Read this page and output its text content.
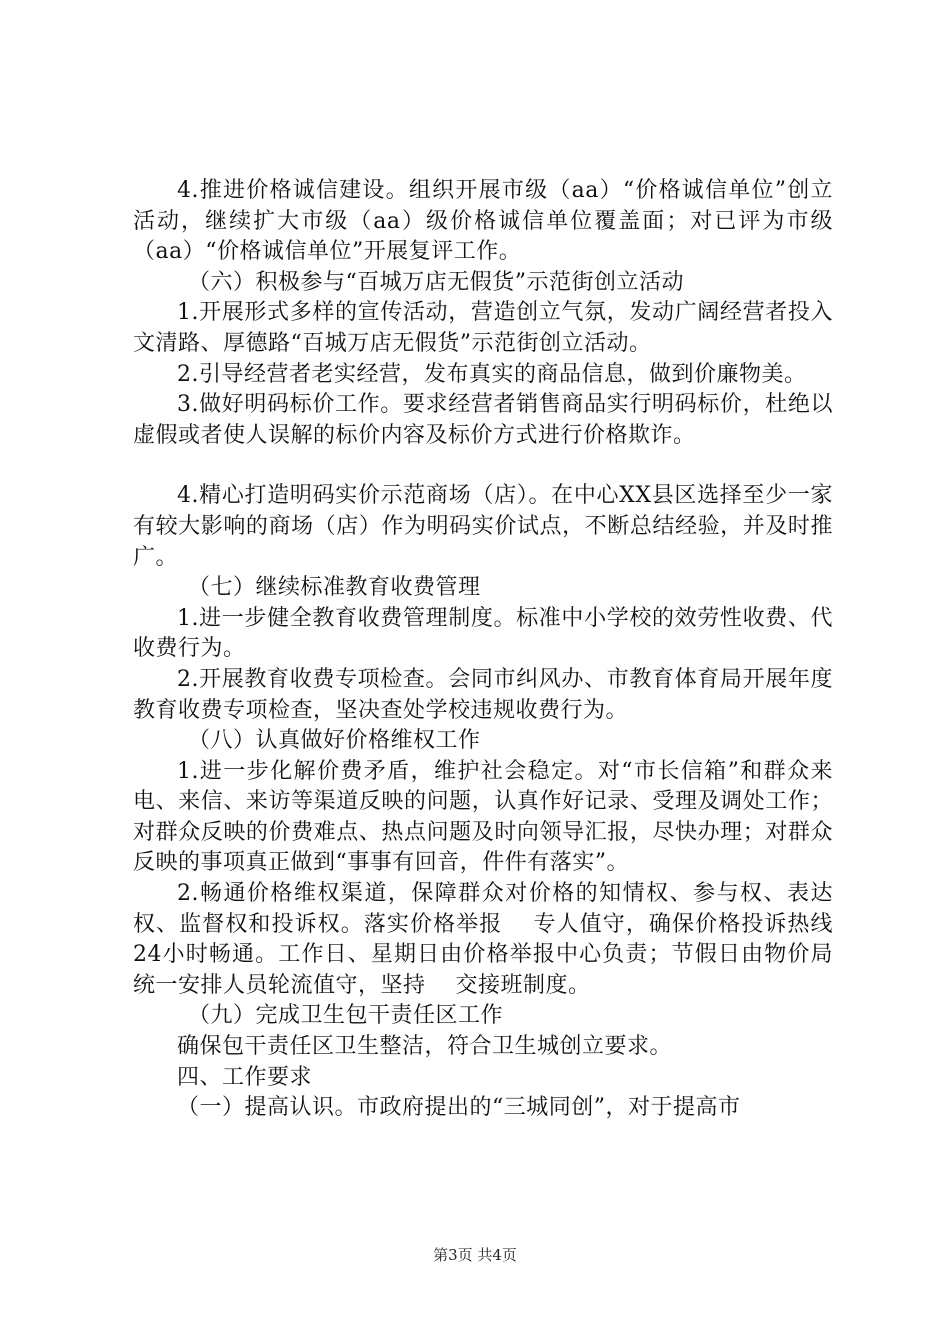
4.推进价格诚信建设。组织开展市级（aa）“价格诚信单位”创立活动，继续扩大市级（aa）级价格诚信单位覆盖面；对已评为市级（aa）“价格诚信单位”开展复评工作。

（六）积极参与“百城万店无假货”示范街创立活动

1.开展形式多样的宣传活动，营造创立气氛，发动广阔经营者投入文清路、厚德路“百城万店无假货”示范街创立活动。

2.引导经营者老实经营，发布真实的商品信息，做到价廉物美。

3.做好明码标价工作。要求经营者销售商品实行明码标价，杜绝以虚假或者使人误解的标价内容及标价方式进行价格欺诈。

4.精心打造明码实价示范商场（店）。在中心XX县区选择至少一家有较大影响的商场（店）作为明码实价试点，不断总结经验，并及时推广。

（七）继续标准教育收费管理

1.进一步健全教育收费管理制度。标准中小学校的效劳性收费、代收费行为。

2.开展教育收费专项检查。会同市纠风办、市教育体育局开展年度教育收费专项检查，坚决查处学校违规收费行为。

（八）认真做好价格维权工作

1.进一步化解价费矛盾，维护社会稳定。对“市长信箱”和群众来电、来信、来访等渠道反映的问题，认真作好记录、受理及调处工作；对群众反映的价费难点、热点问题及时向领导汇报，尽快办理；对群众反映的事项真正做到“事事有回音，件件有落实”。

2.畅通价格维权渠道，保障群众对价格的知情权、参与权、表达权、监督权和投诉权。落实价格举报　 专人值守，确保价格投诉热线24小时畅通。工作日、星期日由价格举报中心负责；节假日由物价局统一安排人员轮流值守，坚持　 交接班制度。

（九）完成卫生包干责任区工作

确保包干责任区卫生整洁，符合卫生城创立要求。

四、工作要求

（一）提高认识。市政府提出的“三城同创”，对于提高市

第3页 共4页
